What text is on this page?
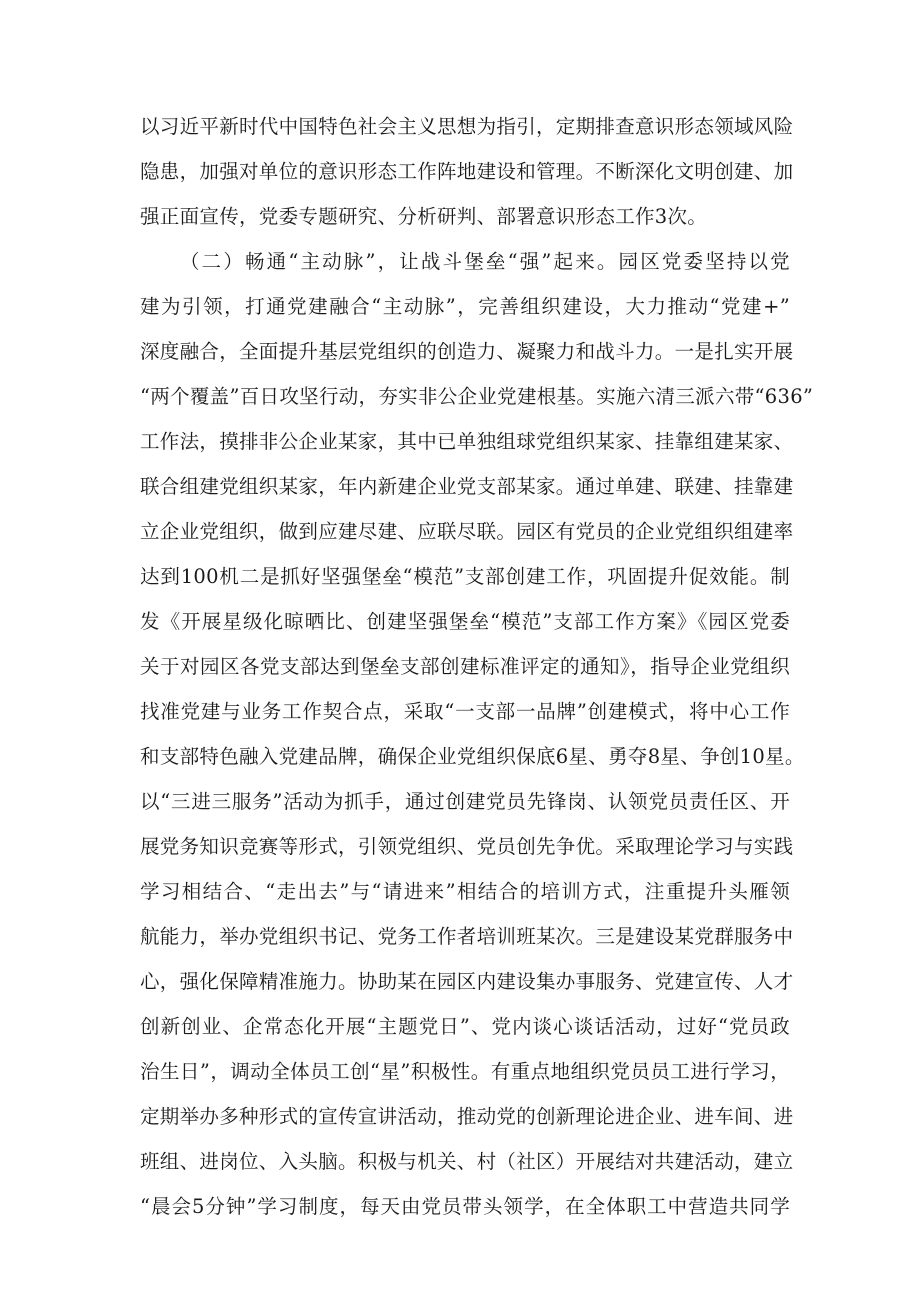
以习近平新时代中国特色社会主义思想为指引，定期排查意识形态领域风险
隐患，加强对单位的意识形态工作阵地建设和管理。不断深化文明创建、加
强正面宣传，党委专题研究、分析研判、部署意识形态工作3次。
（二）畅通“主动脉”，让战斗堡垒“强”起来。园区党委坚持以党
建为引领，打通党建融合“主动脉”，完善组织建设，大力推动“党建+”
深度融合，全面提升基层党组织的创造力、凝聚力和战斗力。一是扎实开展
“两个覆盖”百日攻坚行动，夯实非公企业党建根基。实施六清三派六带“636”
工作法，摸排非公企业某家，其中已单独组球党组织某家、挂靠组建某家、
联合组建党组织某家，年内新建企业党支部某家。通过单建、联建、挂靠建
立企业党组织，做到应建尽建、应联尽联。园区有党员的企业党组织组建率
达到100机二是抓好坚强堡垒“模范”支部创建工作，巩固提升促效能。制
发《开展星级化晾晒比、创建坚强堡垒“模范”支部工作方案》《园区党委
关于对园区各党支部达到堡垒支部创建标准评定的通知》，指导企业党组织
找准党建与业务工作契合点，采取“一支部一品牌”创建模式，将中心工作
和支部特色融入党建品牌，确保企业党组织保底6星、勇夺8星、争创10星。
以“三进三服务”活动为抓手，通过创建党员先锋岗、认领党员责任区、开
展党务知识竞赛等形式，引领党组织、党员创先争优。采取理论学习与实践
学习相结合、“走出去”与“请进来”相结合的培训方式，注重提升头雁领
航能力，举办党组织书记、党务工作者培训班某次。三是建设某党群服务中
心，强化保障精准施力。协助某在园区内建设集办事服务、党建宣传、人才
创新创业、企常态化开展“主题党日”、党内谈心谈话活动，过好“党员政
治生日”，调动全体员工创“星”积极性。有重点地组织党员员工进行学习，
定期举办多种形式的宣传宣讲活动，推动党的创新理论进企业、进车间、进
班组、进岗位、入头脑。积极与机关、村（社区）开展结对共建活动，建立
“晨会5分钟”学习制度，每天由党员带头领学，在全体职工中营造共同学
